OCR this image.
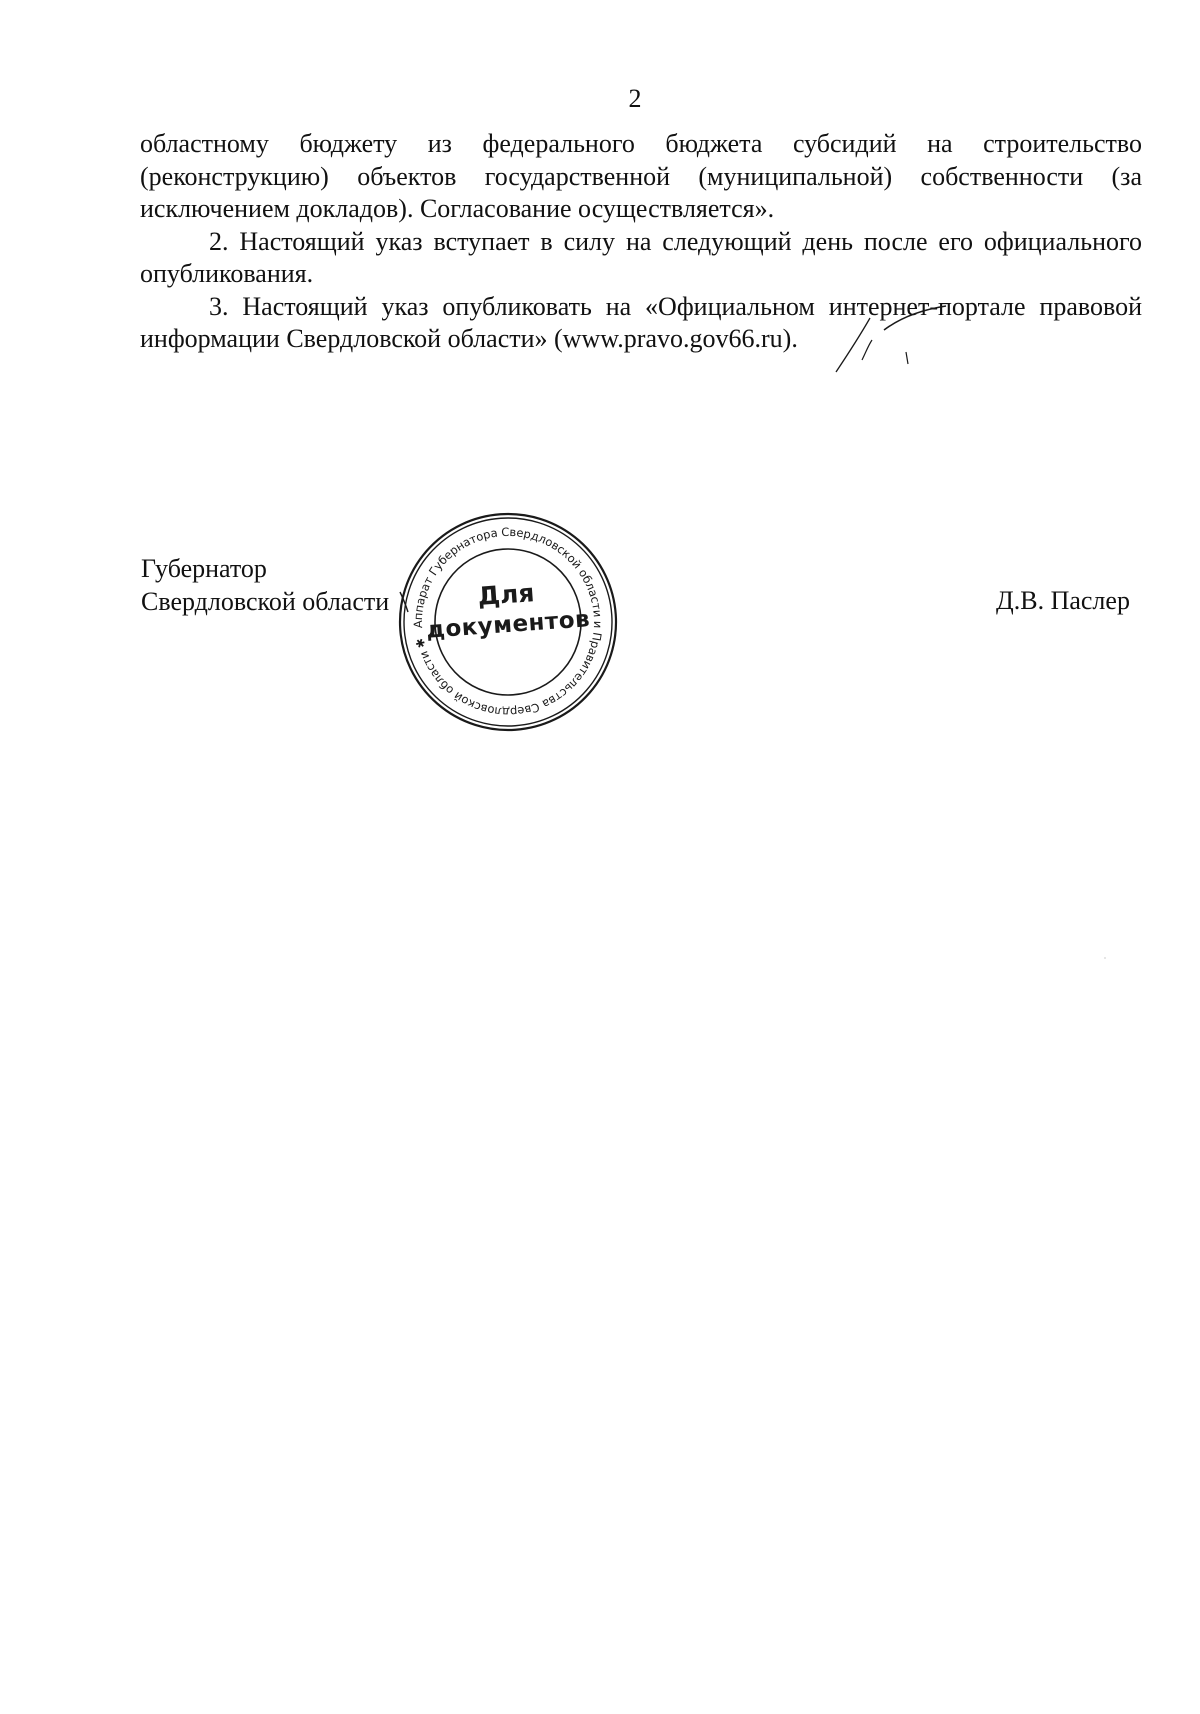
2

областному бюджету из федерального бюджета субсидий на строительство (реконструкцию) объектов государственной (муниципальной) собственности (за исключением докладов). Согласование осуществляется».

2. Настоящий указ вступает в силу на следующий день после его официального опубликования.

3. Настоящий указ опубликовать на «Официальном интернет-портале правовой информации Свердловской области» (www.pravo.gov66.ru).

Губернатор
Свердловской области	Д.В. Паслер
Аппарат Губернатора Свердловской области и Правительства Свердловской области ✱
Для
документов
